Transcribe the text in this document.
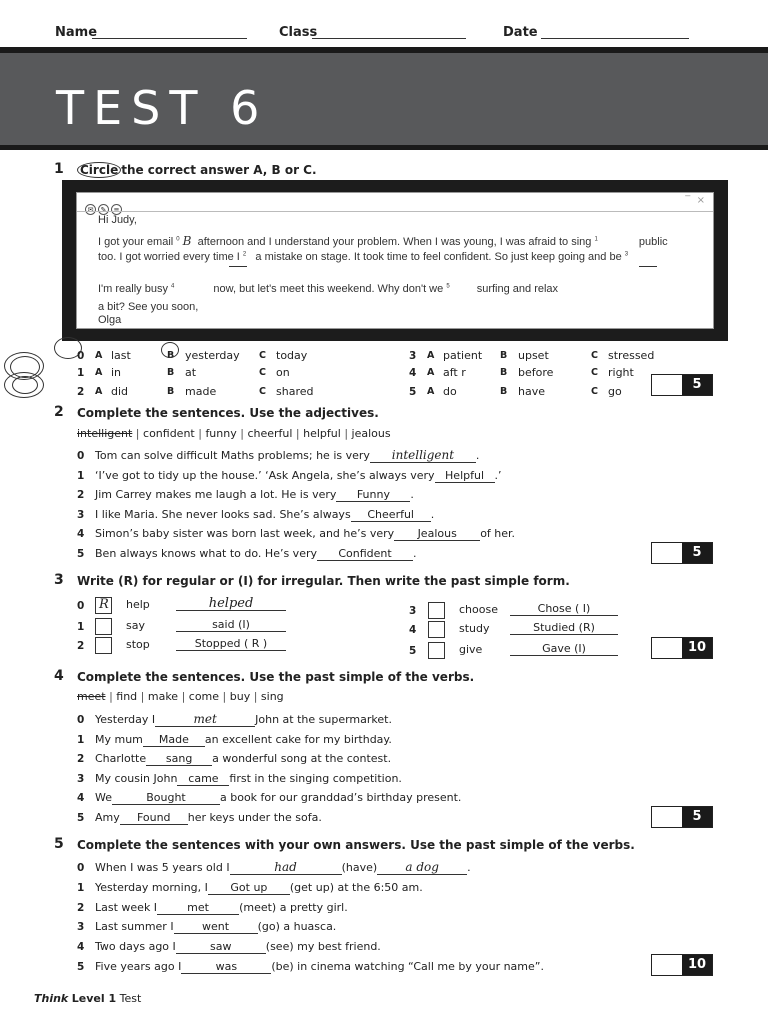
Name	Class	Date
TEST 6
1 Circle the correct answer A, B or C.
✉ ✎ ≡
‾ ×
Hi Judy,
I got your email $^0$ B afternoon and I understand your problem. When I was young, I was afraid to sing $^1$	public
too. I got worried every time I $^2$ a mistake on stage. It took time to feel confident. So just keep going and be $^3$
I'm really busy $^4$	now, but let's meet this weekend. Why don't we $^5$ surfing and relax
a bit? See you soon,
Olga
0 A last	B yesterday C today
1 A in	B at	C on
2 A did	B made	C shared
3 A patient B upset	C stressed
4 A aft r	B before	C right
5 A do	B have	C go	5
2 Complete the sentences. Use the adjectives.
intelligent | confident | funny | cheerful | helpful | jealous
0 Tom can solve difficult Maths problems; he is very intelligent .
1 ‘I’ve got to tidy up the house.’ ‘Ask Angela, she’s always very Helpful .’
2 Jim Carrey makes me laugh a lot. He is very Funny .
3 I like Maria. She never looks sad. She’s always Cheerful .
4 Simon’s baby sister was born last week, and he’s very Jealous of her.
5 Ben always knows what to do. He’s very Confident .	5
3 Write (R) for regular or (I) for irregular. Then write the past simple form.
0 R help	helped
1	say	said (I)
2	stop	Stopped ( R )
3	choose	Chose ( I)
4	study	Studied (R)
5	give	Gave (I)	10
4 Complete the sentences. Use the past simple of the verbs.
meet | find | make | come | buy | sing
0 Yesterday I	met	John at the supermarket.
1 My mum Made an excellent cake for my birthday.
2 Charlotte sang a wonderful song at the contest.
3 My cousin John came first in the singing competition.
4 We	Bought	a book for our granddad’s birthday present.
5 Amy Found her keys under the sofa.	5
5 Complete the sentences with your own answers. Use the past simple of the verbs.
0 When I was 5 years old I	had	(have) a dog	.
1 Yesterday morning, I Got up (get up) at the 6:50 am.
2 Last week I	met	(meet) a pretty girl.
3 Last summer I	went	(go) a huasca.
4 Two days ago I	saw	(see) my best friend.
5 Five years ago I	was	(be) in cinema watching “Call me by your name”.	10
Think Level 1 Test
